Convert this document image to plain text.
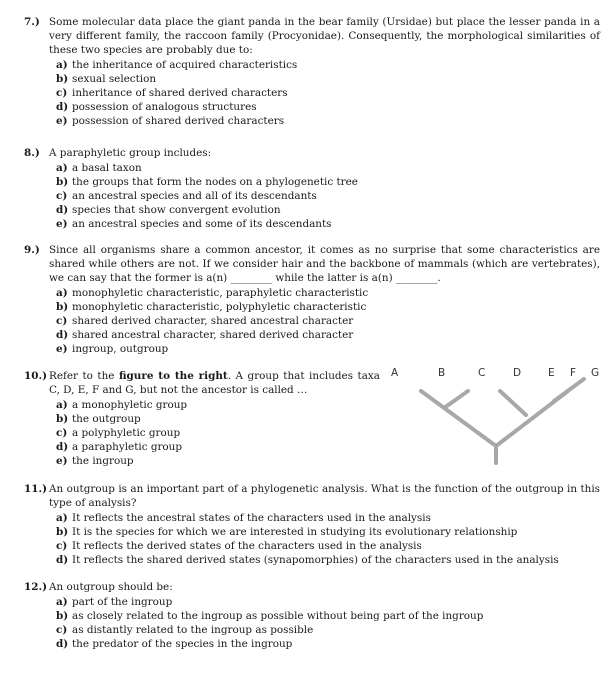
7.) Some molecular data place the giant panda in the bear family (Ursidae) but place the lesser panda in a very different family, the raccoon family (Procyonidae). Consequently, the morphological similarities of these two species are probably due to:
a) the inheritance of acquired characteristics
b) sexual selection
c) inheritance of shared derived characters
d) possession of analogous structures
e) possession of shared derived characters
8.) A paraphyletic group includes:
a) a basal taxon
b) the groups that form the nodes on a phylogenetic tree
c) an ancestral species and all of its descendants
d) species that show convergent evolution
e) an ancestral species and some of its descendants
9.) Since all organisms share a common ancestor, it comes as no surprise that some characteristics are shared while others are not. If we consider hair and the backbone of mammals (which are vertebrates), we can say that the former is a(n) ________ while the latter is a(n) ________.
a) monophyletic characteristic, paraphyletic characteristic
b) monophyletic characteristic, polyphyletic characteristic
c) shared derived character, shared ancestral character
d) shared ancestral character, shared derived character
e) ingroup, outgroup
10.) Refer to the figure to the right. A group that includes taxa C, D, E, F and G, but not the ancestor is called …
a) a monophyletic group
b) the outgroup
c) a polyphyletic group
d) a paraphyletic group
e) the ingroup
A	B	C	D	E F G
11.) An outgroup is an important part of a phylogenetic analysis. What is the function of the outgroup in this type of analysis?
a) It reflects the ancestral states of the characters used in the analysis
b) It is the species for which we are interested in studying its evolutionary relationship
c) It reflects the derived states of the characters used in the analysis
d) It reflects the shared derived states (synapomorphies) of the characters used in the analysis
12.) An outgroup should be:
a) part of the ingroup
b) as closely related to the ingroup as possible without being part of the ingroup
c) as distantly related to the ingroup as possible
d) the predator of the species in the ingroup
